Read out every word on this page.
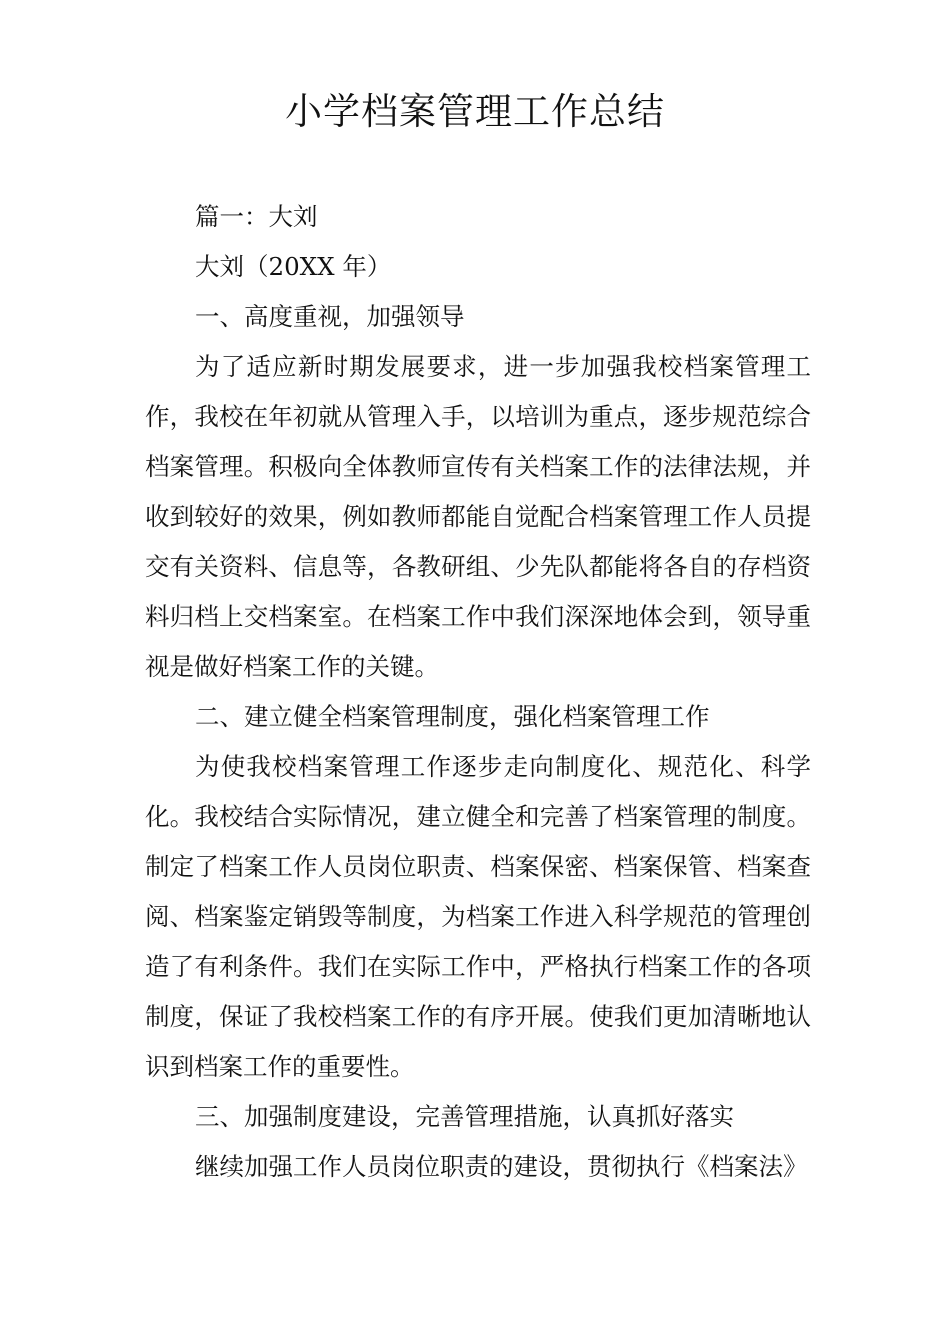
小学档案管理工作总结

篇一：大刘

大刘（20XX 年）

一、高度重视，加强领导

为了适应新时期发展要求，进一步加强我校档案管理工作，我校在年初就从管理入手，以培训为重点，逐步规范综合档案管理。积极向全体教师宣传有关档案工作的法律法规，并收到较好的效果，例如教师都能自觉配合档案管理工作人员提交有关资料、信息等，各教研组、少先队都能将各自的存档资料归档上交档案室。在档案工作中我们深深地体会到，领导重视是做好档案工作的关键。

二、建立健全档案管理制度，强化档案管理工作

为使我校档案管理工作逐步走向制度化、规范化、科学化。我校结合实际情况，建立健全和完善了档案管理的制度。制定了档案工作人员岗位职责、档案保密、档案保管、档案查阅、档案鉴定销毁等制度，为档案工作进入科学规范的管理创造了有利条件。我们在实际工作中，严格执行档案工作的各项制度，保证了我校档案工作的有序开展。使我们更加清晰地认识到档案工作的重要性。

三、加强制度建设，完善管理措施，认真抓好落实

继续加强工作人员岗位职责的建设，贯彻执行《档案法》
